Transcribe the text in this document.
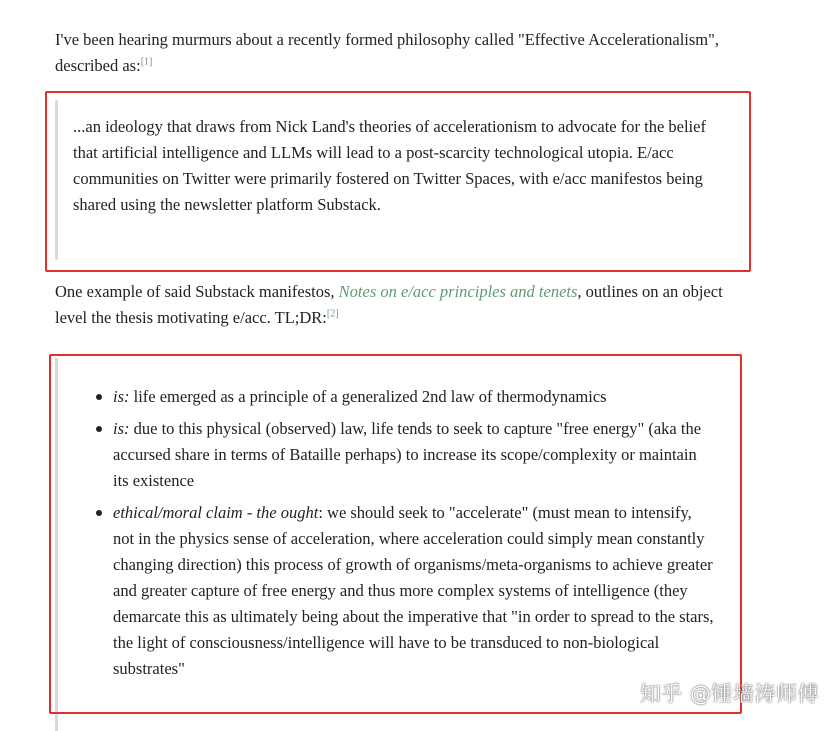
I've been hearing murmurs about a recently formed philosophy called "Effective Accelerationalism", described as:[1]

...an ideology that draws from Nick Land's theories of accelerationism to advocate for the belief that artificial intelligence and LLMs will lead to a post-scarcity technological utopia. E/acc communities on Twitter were primarily fostered on Twitter Spaces, with e/acc manifestos being shared using the newsletter platform Substack.

One example of said Substack manifestos, Notes on e/acc principles and tenets, outlines on an object level the thesis motivating e/acc. TL;DR:[2]

is: life emerged as a principle of a generalized 2nd law of thermodynamics
is: due to this physical (observed) law, life tends to seek to capture "free energy" (aka the accursed share in terms of Bataille perhaps) to increase its scope/complexity or maintain its existence
ethical/moral claim - the ought: we should seek to "accelerate" (must mean to intensify, not in the physics sense of acceleration, where acceleration could simply mean constantly changing direction) this process of growth of organisms/meta-organisms to achieve greater and greater capture of free energy and thus more complex systems of intelligence (they demarcate this as ultimately being about the imperative that "in order to spread to the stars, the light of consciousness/intelligence will have to be transduced to non-biological substrates"
知乎 @锤墙涛师傅
